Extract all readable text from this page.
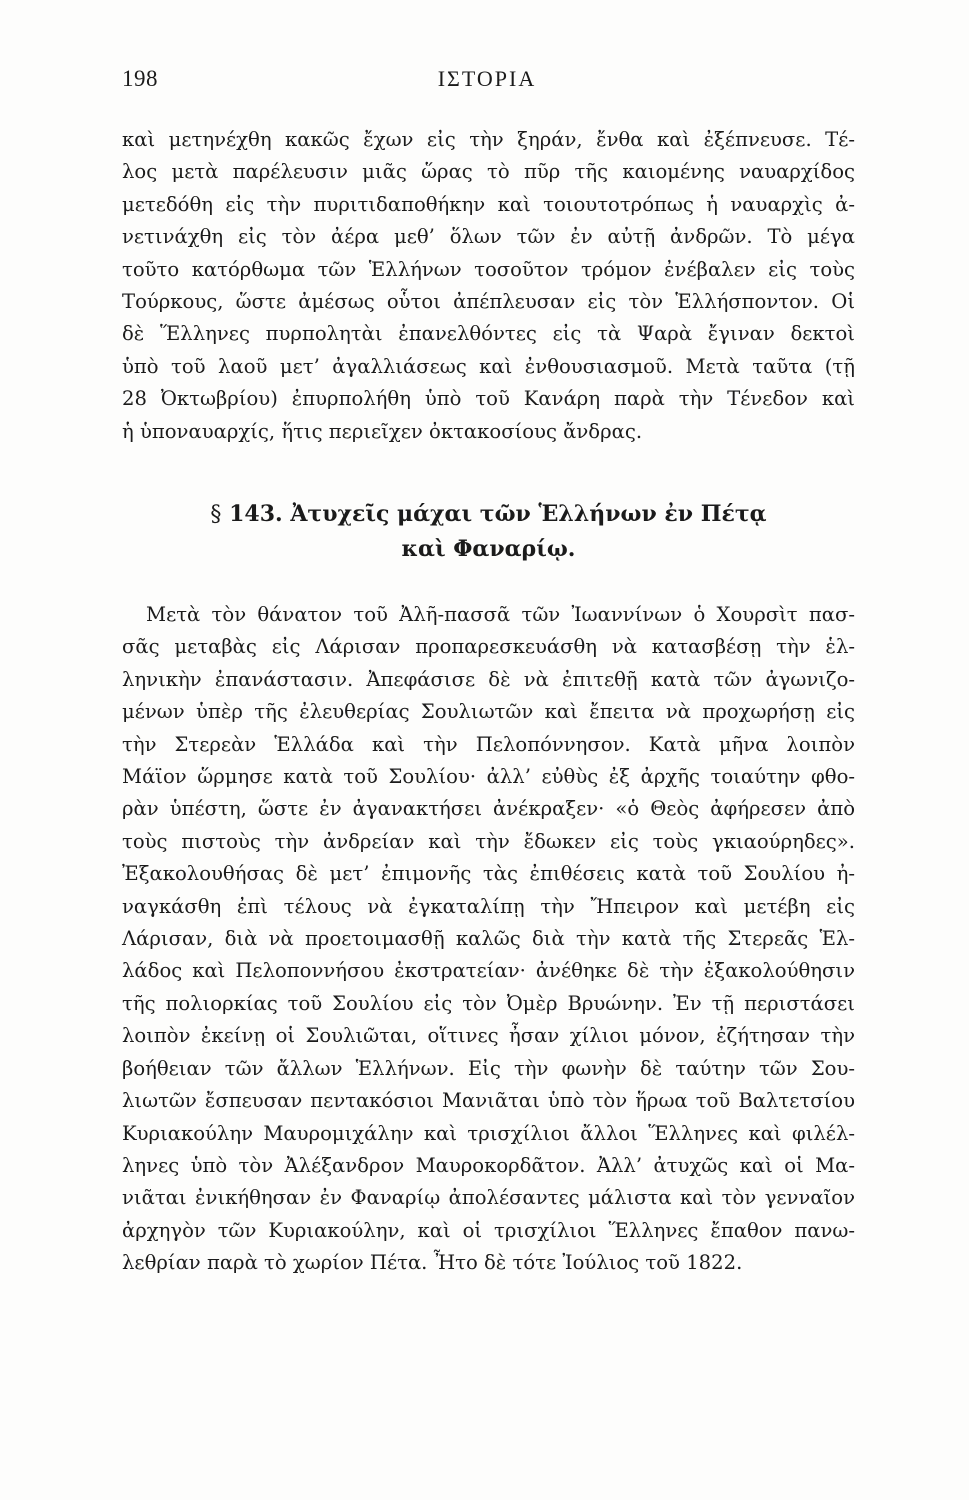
198	ΙΣΤΟΡΙΑ
καὶ μετηνέχθη κακῶς ἔχων εἰς τὴν ξηράν, ἔνθα καὶ ἐξέπνευσε. Τέ-
λος μετὰ παρέλευσιν μιᾶς ὥρας τὸ πῦρ τῆς καιομένης ναυαρχίδος
μετεδόθη εἰς τὴν πυριτιδαποθήκην καὶ τοιουτοτρόπως ἡ ναυαρχὶς ἀ-
νετινάχθη εἰς τὸν ἀέρα μεθ’ ὅλων τῶν ἐν αὐτῇ ἀνδρῶν. Τὸ μέγα
τοῦτο κατόρθωμα τῶν Ἑλλήνων τοσοῦτον τρόμον ἐνέβαλεν εἰς τοὺς
Τούρκους, ὥστε ἀμέσως οὗτοι ἀπέπλευσαν εἰς τὸν Ἑλλήσποντον. Οἱ
δὲ Ἕλληνες πυρπολητὰι ἐπανελθόντες εἰς τὰ Ψαρὰ ἔγιναν δεκτοὶ
ὑπὸ τοῦ λαοῦ μετ’ ἀγαλλιάσεως καὶ ἐνθουσιασμοῦ. Μετὰ ταῦτα (τῇ
28 Ὀκτωβρίου) ἐπυρπολήθη ὑπὸ τοῦ Κανάρη παρὰ τὴν Τένεδον καὶ
ἡ ὑποναυαρχίς, ἥτις περιεῖχεν ὀκτακοσίους ἄνδρας.
§ 143. Ἀτυχεῖς μάχαι τῶν Ἑλλήνων ἐν Πέτᾳ
καὶ Φαναρίῳ.
Μετὰ τὸν θάνατον τοῦ Ἀλῆ-πασσᾶ τῶν Ἰωαννίνων ὁ Χουρσὶτ πασ-
σᾶς μεταβὰς εἰς Λάρισαν προπαρεσκευάσθη νὰ κατασβέσῃ τὴν ἑλ-
ληνικὴν ἐπανάστασιν. Ἀπεφάσισε δὲ νὰ ἐπιτεθῇ κατὰ τῶν ἀγωνιζο-
μένων ὑπὲρ τῆς ἐλευθερίας Σουλιωτῶν καὶ ἔπειτα νὰ προχωρήσῃ εἰς
τὴν Στερεὰν Ἑλλάδα καὶ τὴν Πελοπόννησον. Κατὰ μῆνα λοιπὸν
Μάϊον ὥρμησε κατὰ τοῦ Σουλίου· ἀλλ’ εὐθὺς ἐξ ἀρχῆς τοιαύτην φθο-
ρὰν ὑπέστη, ὥστε ἐν ἀγανακτήσει ἀνέκραξεν· «ὁ Θεὸς ἀφήρεσεν ἀπὸ
τοὺς πιστοὺς τὴν ἀνδρείαν καὶ τὴν ἔδωκεν εἰς τοὺς γκιαούρηδες».
Ἐξακολουθήσας δὲ μετ’ ἐπιμονῆς τὰς ἐπιθέσεις κατὰ τοῦ Σουλίου ἠ-
ναγκάσθη ἐπὶ τέλους νὰ ἐγκαταλίπῃ τὴν Ἤπειρον καὶ μετέβη εἰς
Λάρισαν, διὰ νὰ προετοιμασθῇ καλῶς διὰ τὴν κατὰ τῆς Στερεᾶς Ἑλ-
λάδος καὶ Πελοποννήσου ἐκστρατείαν· ἀνέθηκε δὲ τὴν ἐξακολούθησιν
τῆς πολιορκίας τοῦ Σουλίου εἰς τὸν Ὀμὲρ Βρυώνην. Ἐν τῇ περιστάσει
λοιπὸν ἐκείνῃ οἱ Σουλιῶται, οἵτινες ἦσαν χίλιοι μόνον, ἐζήτησαν τὴν
βοήθειαν τῶν ἄλλων Ἑλλήνων. Εἰς τὴν φωνὴν δὲ ταύτην τῶν Σου-
λιωτῶν ἔσπευσαν πεντακόσιοι Μανιᾶται ὑπὸ τὸν ἥρωα τοῦ Βαλτετσίου
Κυριακούλην Μαυρομιχάλην καὶ τρισχίλιοι ἄλλοι Ἕλληνες καὶ φιλέλ-
ληνες ὑπὸ τὸν Ἀλέξανδρον Μαυροκορδᾶτον. Ἀλλ’ ἀτυχῶς καὶ οἱ Μα-
νιᾶται ἐνικήθησαν ἐν Φαναρίῳ ἀπολέσαντες μάλιστα καὶ τὸν γενναῖον
ἀρχηγὸν τῶν Κυριακούλην, καὶ οἱ τρισχίλιοι Ἕλληνες ἔπαθον πανω-
λεθρίαν παρὰ τὸ χωρίον Πέτα. Ἦτο δὲ τότε Ἰούλιος τοῦ 1822.
